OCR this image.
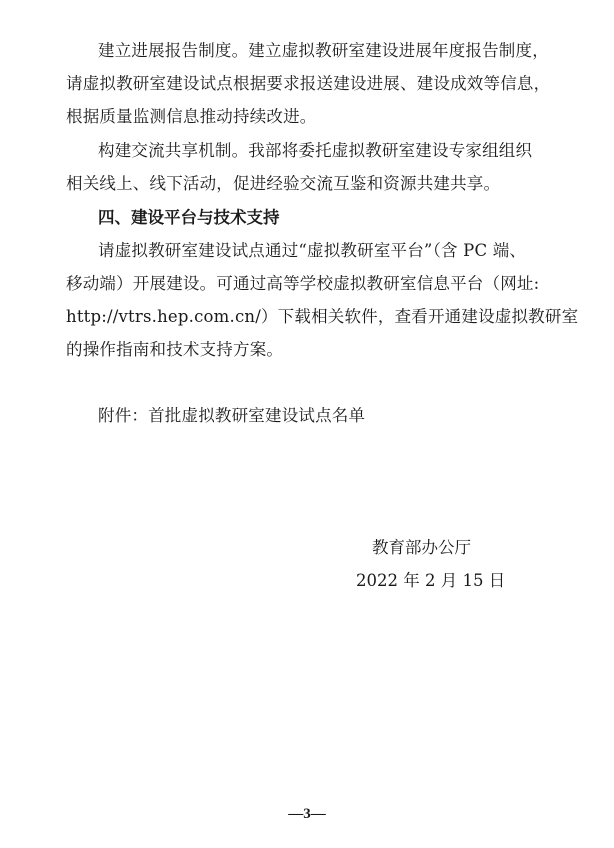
建立进展报告制度。建立虚拟教研室建设进展年度报告制度，
请虚拟教研室建设试点根据要求报送建设进展、建设成效等信息，
根据质量监测信息推动持续改进。
构建交流共享机制。我部将委托虚拟教研室建设专家组组织
相关线上、线下活动，促进经验交流互鉴和资源共建共享。
四、建设平台与技术支持
请虚拟教研室建设试点通过“虚拟教研室平台”（含 PC 端、
移动端）开展建设。可通过高等学校虚拟教研室信息平台（网址:
http://vtrs.hep.com.cn/）下载相关软件，查看开通建设虚拟教研室
的操作指南和技术支持方案。
附件：首批虚拟教研室建设试点名单
教育部办公厅
2022 年 2 月 15 日
—3—
